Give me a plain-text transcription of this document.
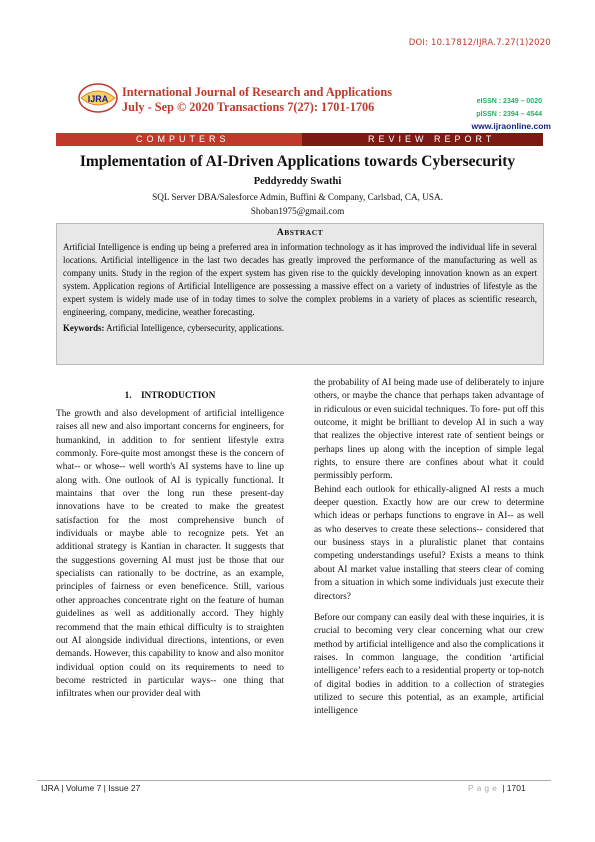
DOI: 10.17812/IJRA.7.27(1)2020
IJRA International Journal of Research and Applications
July - Sep © 2020 Transactions 7(27): 1701-1706	eISSN : 2349 – 0020
pISSN : 2394 – 4544
www.ijraonline.com
COMPUTERS	REVIEW REPORT
Implementation of AI-Driven Applications towards Cybersecurity
Peddyreddy Swathi
SQL Server DBA/Salesforce Admin, Buffini & Company, Carlsbad, CA, USA.
Shoban1975@gmail.com
ABSTRACT
Artificial Intelligence is ending up being a preferred area in information technology as it has improved the individual life in several locations. Artificial intelligence in the last two decades has greatly improved the performance of the manufacturing as well as company units. Study in the region of the expert system has given rise to the quickly developing innovation known as an expert system. Application regions of Artificial Intelligence are possessing a massive effect on a variety of industries of lifestyle as the expert system is widely made use of in today times to solve the complex problems in a variety of places as scientific research, engineering, company, medicine, weather forecasting.
Keywords: Artificial Intelligence, cybersecurity, applications.
1.    INTRODUCTION

The growth and also development of artificial intelligence raises all new and also important concerns for engineers, for humankind, in addition to for sentient lifestyle extra commonly. Fore-quite most amongst these is the concern of what-- or whose-- well worth's AI systems have to line up along with. One outlook of AI is typically functional. It maintains that over the long run these present-day innovations have to be created to make the greatest satisfaction for the most comprehensive bunch of individuals or maybe able to recognize pets. Yet an additional strategy is Kantian in character. It suggests that the suggestions governing AI must just be those that our specialists can rationally to be doctrine, as an example, principles of fairness or even beneficence. Still, various other approaches concentrate right on the feature of human guidelines as well as additionally accord. They highly recommend that the main ethical difficulty is to straighten out AI alongside individual directions, intentions, or even demands. However, this capability to know and also monitor individual option could on its requirements to need to become restricted in particular ways-- one thing that infiltrates when our provider deal with

the probability of AI being made use of deliberately to injure others, or maybe the chance that perhaps taken advantage of in ridiculous or even suicidal techniques. To fore- put off this outcome, it might be brilliant to develop AI in such a way that realizes the objective interest rate of sentient beings or perhaps lines up along with the inception of simple legal rights, to ensure there are confines about what it could permissibly perform.

Behind each outlook for ethically-aligned AI rests a much deeper question. Exactly how are our crew to determine which ideas or perhaps functions to engrave in AI-- as well as who deserves to create these selections-- considered that our business stays in a pluralistic planet that contains competing understandings useful? Exists a means to think about AI market value installing that steers clear of coming from a situation in which some individuals just execute their directors?

Before our company can easily deal with these inquiries, it is crucial to becoming very clear concerning what our crew method by artificial intelligence and also the complications it raises. In common language, the condition ‘artificial intelligence’ refers each to a residential property or top-notch of digital bodies in addition to a collection of strategies utilized to secure this potential, as an example, artificial intelligence

IJRA | Volume 7 | Issue 27	Page | 1701
